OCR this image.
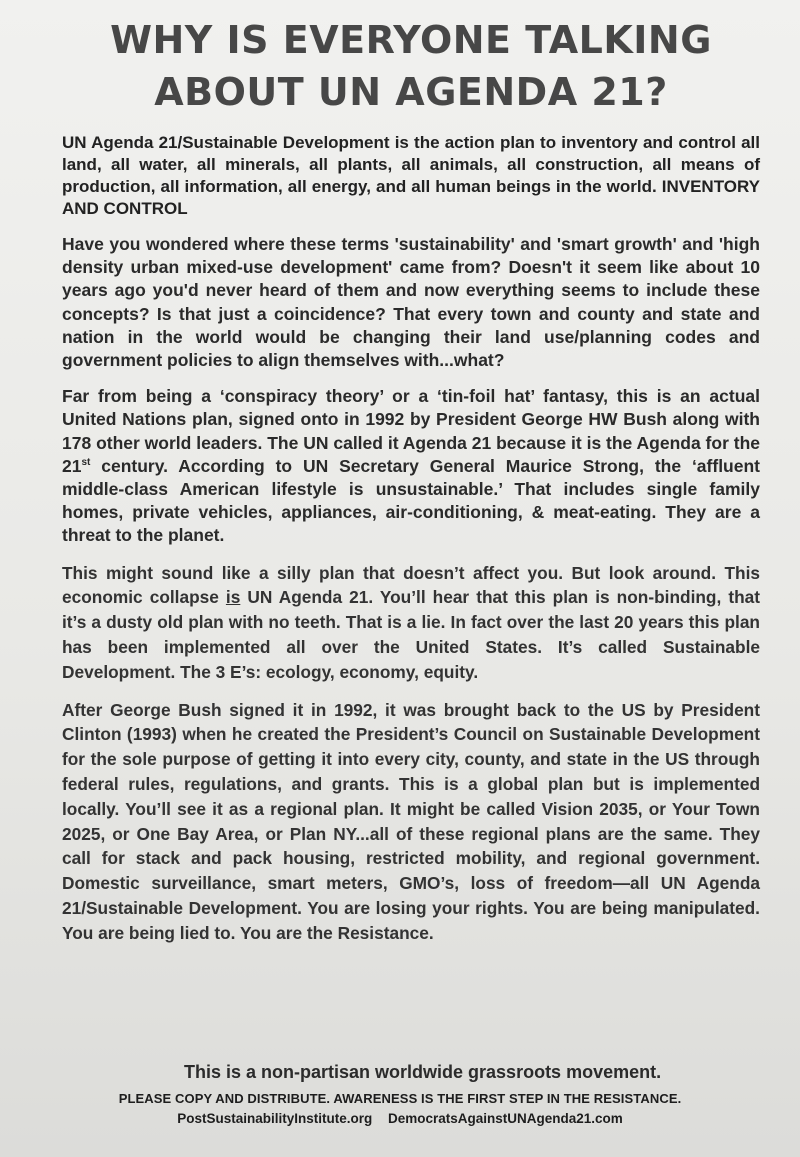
WHY IS EVERYONE TALKING
ABOUT UN AGENDA 21?

UN Agenda 21/Sustainable Development is the action plan to inventory and control all land, all water, all minerals, all plants, all animals, all construction, all means of production, all information, all energy, and all human beings in the world. INVENTORY AND CONTROL

Have you wondered where these terms 'sustainability' and 'smart growth' and 'high density urban mixed-use development' came from? Doesn't it seem like about 10 years ago you'd never heard of them and now everything seems to include these concepts? Is that just a coincidence? That every town and county and state and nation in the world would be changing their land use/planning codes and government policies to align themselves with...what?

Far from being a ‘conspiracy theory’ or a ‘tin-foil hat’ fantasy, this is an actual United Nations plan, signed onto in 1992 by President George HW Bush along with 178 other world leaders. The UN called it Agenda 21 because it is the Agenda for the 21st century. According to UN Secretary General Maurice Strong, the ‘affluent middle-class American lifestyle is unsustainable.’ That includes single family homes, private vehicles, appliances, air-conditioning, & meat-eating. They are a threat to the planet.

This might sound like a silly plan that doesn’t affect you. But look around. This economic collapse is UN Agenda 21. You’ll hear that this plan is non-binding, that it’s a dusty old plan with no teeth. That is a lie. In fact over the last 20 years this plan has been implemented all over the United States. It’s called Sustainable Development. The 3 E’s: ecology, economy, equity.

After George Bush signed it in 1992, it was brought back to the US by President Clinton (1993) when he created the President’s Council on Sustainable Development for the sole purpose of getting it into every city, county, and state in the US through federal rules, regulations, and grants. This is a global plan but is implemented locally. You’ll see it as a regional plan. It might be called Vision 2035, or Your Town 2025, or One Bay Area, or Plan NY...all of these regional plans are the same. They call for stack and pack housing, restricted mobility, and regional government. Domestic surveillance, smart meters, GMO’s, loss of freedom—all UN Agenda 21/Sustainable Development. You are losing your rights. You are being manipulated. You are being lied to. You are the Resistance.

This is a non-partisan worldwide grassroots movement.
PLEASE COPY AND DISTRIBUTE. AWARENESS IS THE FIRST STEP IN THE RESISTANCE.
PostSustainabilityInstitute.org DemocratsAgainstUNAgenda21.com
